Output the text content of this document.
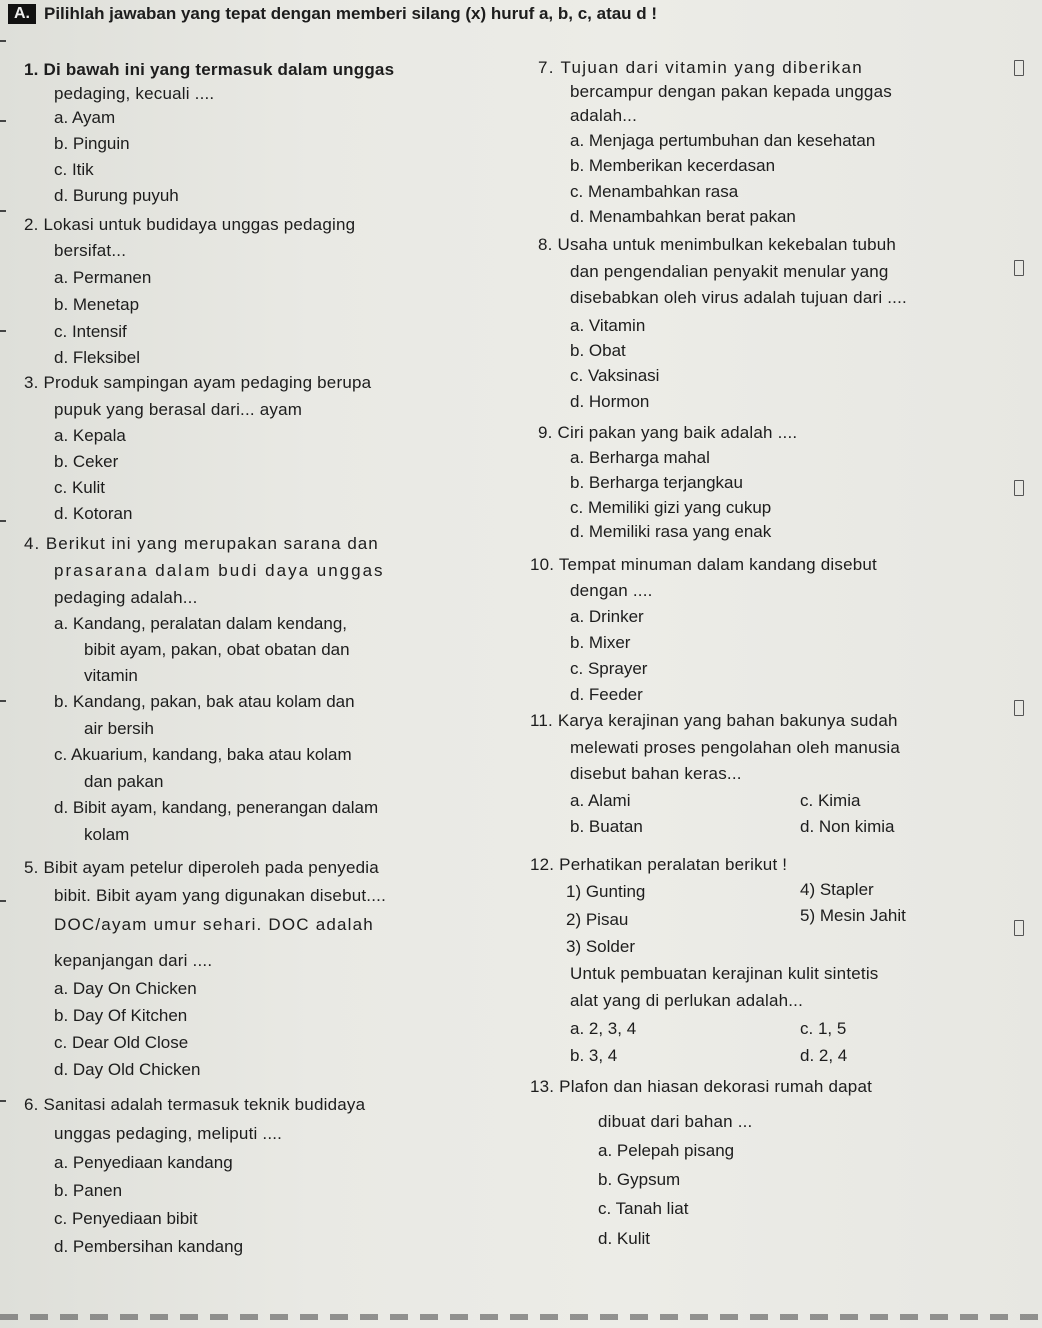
A. Pilihlah jawaban yang tepat dengan memberi silang (x) huruf a, b, c, atau d !
1. Di bawah ini yang termasuk dalam unggas
pedaging, kecuali ....
a. Ayam
b. Pinguin
c. Itik
d. Burung puyuh
2. Lokasi untuk budidaya unggas pedaging
bersifat...
a. Permanen
b. Menetap
c. Intensif
d. Fleksibel
3. Produk sampingan ayam pedaging berupa
pupuk yang berasal dari... ayam
a. Kepala
b. Ceker
c. Kulit
d. Kotoran
4. Berikut ini yang merupakan sarana dan
prasarana dalam budi daya unggas
pedaging adalah...
a. Kandang, peralatan dalam kendang,
bibit ayam, pakan, obat obatan dan
vitamin
b. Kandang, pakan, bak atau kolam dan
air bersih
c. Akuarium, kandang, baka atau kolam
dan pakan
d. Bibit ayam, kandang, penerangan dalam
kolam
5. Bibit ayam petelur diperoleh pada penyedia
bibit. Bibit ayam yang digunakan disebut....
DOC/ayam umur sehari. DOC adalah
kepanjangan dari ....
a. Day On Chicken
b. Day Of Kitchen
c. Dear Old Close
d. Day Old Chicken
6. Sanitasi adalah termasuk teknik budidaya
unggas pedaging, meliputi ....
a. Penyediaan kandang
b. Panen
c. Penyediaan bibit
d. Pembersihan kandang
7. Tujuan dari vitamin yang diberikan
bercampur dengan pakan kepada unggas
adalah...
a. Menjaga pertumbuhan dan kesehatan
b. Memberikan kecerdasan
c. Menambahkan rasa
d. Menambahkan berat pakan
8. Usaha untuk menimbulkan kekebalan tubuh
dan pengendalian penyakit menular yang
disebabkan oleh virus adalah tujuan dari ....
a. Vitamin
b. Obat
c. Vaksinasi
d. Hormon
9. Ciri pakan yang baik adalah ....
a. Berharga mahal
b. Berharga terjangkau
c. Memiliki gizi yang cukup
d. Memiliki rasa yang enak
10. Tempat minuman dalam kandang disebut
dengan ....
a. Drinker
b. Mixer
c. Sprayer
d. Feeder
11. Karya kerajinan yang bahan bakunya sudah
melewati proses pengolahan oleh manusia
disebut bahan keras...
a. Alami
b. Buatan
c. Kimia
d. Non kimia
12. Perhatikan peralatan berikut !
1) Gunting
2) Pisau
3) Solder
4) Stapler
5) Mesin Jahit
Untuk pembuatan kerajinan kulit sintetis
alat yang di perlukan adalah...
a. 2, 3, 4
b. 3, 4
c. 1, 5
d. 2, 4
13. Plafon dan hiasan dekorasi rumah dapat
dibuat dari bahan ...
a. Pelepah pisang
b. Gypsum
c. Tanah liat
d. Kulit
